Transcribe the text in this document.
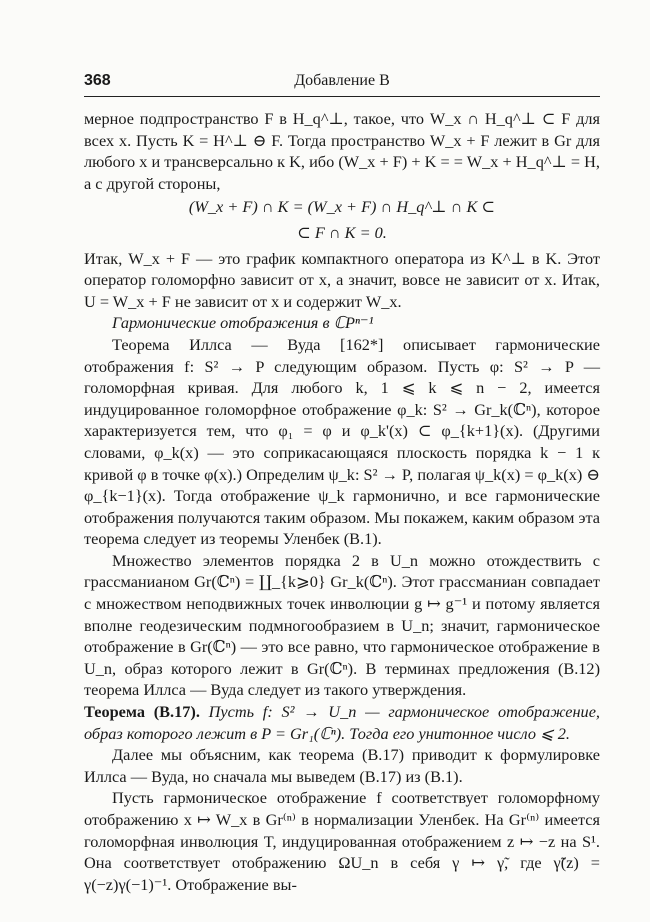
368	Добавление В

мерное подпространство F в H_q^⊥, такое, что W_x ∩ H_q^⊥ ⊂ F для всех x. Пусть K = H^⊥ ⊖ F. Тогда пространство W_x + F лежит в Gr для любого x и трансверсально к K, ибо (W_x + F) + K = = W_x + H_q^⊥ = H, а с другой стороны,

(W_x + F) ∩ K = (W_x + F) ∩ H_q^⊥ ∩ K ⊂
⊂ F ∩ K = 0.

Итак, W_x + F — это график компактного оператора из K^⊥ в K. Этот оператор голоморфно зависит от x, а значит, вовсе не зависит от x. Итак, U = W_x + F не зависит от x и содержит W_x.

Гармонические отображения в ℂPⁿ⁻¹

Теорема Иллса — Вуда [162*] описывает гармонические отображения f: S² → P следующим образом. Пусть φ: S² → P — голоморфная кривая. Для любого k, 1 ⩽ k ⩽ n − 2, имеется индуцированное голоморфное отображение φ_k: S² → Gr_k(ℂⁿ), которое характеризуется тем, что φ₁ = φ и φ_k'(x) ⊂ φ_{k+1}(x). (Другими словами, φ_k(x) — это соприкасающаяся плоскость порядка k − 1 к кривой φ в точке φ(x).) Определим ψ_k: S² → P, полагая ψ_k(x) = φ_k(x) ⊖ φ_{k−1}(x). Тогда отображение ψ_k гармонично, и все гармонические отображения получаются таким образом. Мы покажем, каким образом эта теорема следует из теоремы Уленбек (B.1).

Множество элементов порядка 2 в U_n можно отождествить с грассманианом Gr(ℂⁿ) = ∐_{k⩾0} Gr_k(ℂⁿ). Этот грассманиан совпадает с множеством неподвижных точек инволюции g ↦ g⁻¹ и потому является вполне геодезическим подмногообразием в U_n; значит, гармоническое отображение в Gr(ℂⁿ) — это все равно, что гармоническое отображение в U_n, образ которого лежит в Gr(ℂⁿ). В терминах предложения (B.12) теорема Иллса — Вуда следует из такого утверждения.

Теорема (В.17). Пусть f: S² → U_n — гармоническое отображение, образ которого лежит в P = Gr₁(ℂⁿ). Тогда его унитонное число ⩽ 2.

Далее мы объясним, как теорема (В.17) приводит к формулировке Иллса — Вуда, но сначала мы выведем (В.17) из (В.1).

Пусть гармоническое отображение f соответствует голоморфному отображению x ↦ W_x в Gr⁽ⁿ⁾ в нормализации Уленбек. На Gr⁽ⁿ⁾ имеется голоморфная инволюция T, индуцированная отображением z ↦ −z на S¹. Она соответствует отображению ΩU_n в себя γ ↦ γ̃, где γ̃(z) = γ(−z)γ(−1)⁻¹. Отображение вы-
